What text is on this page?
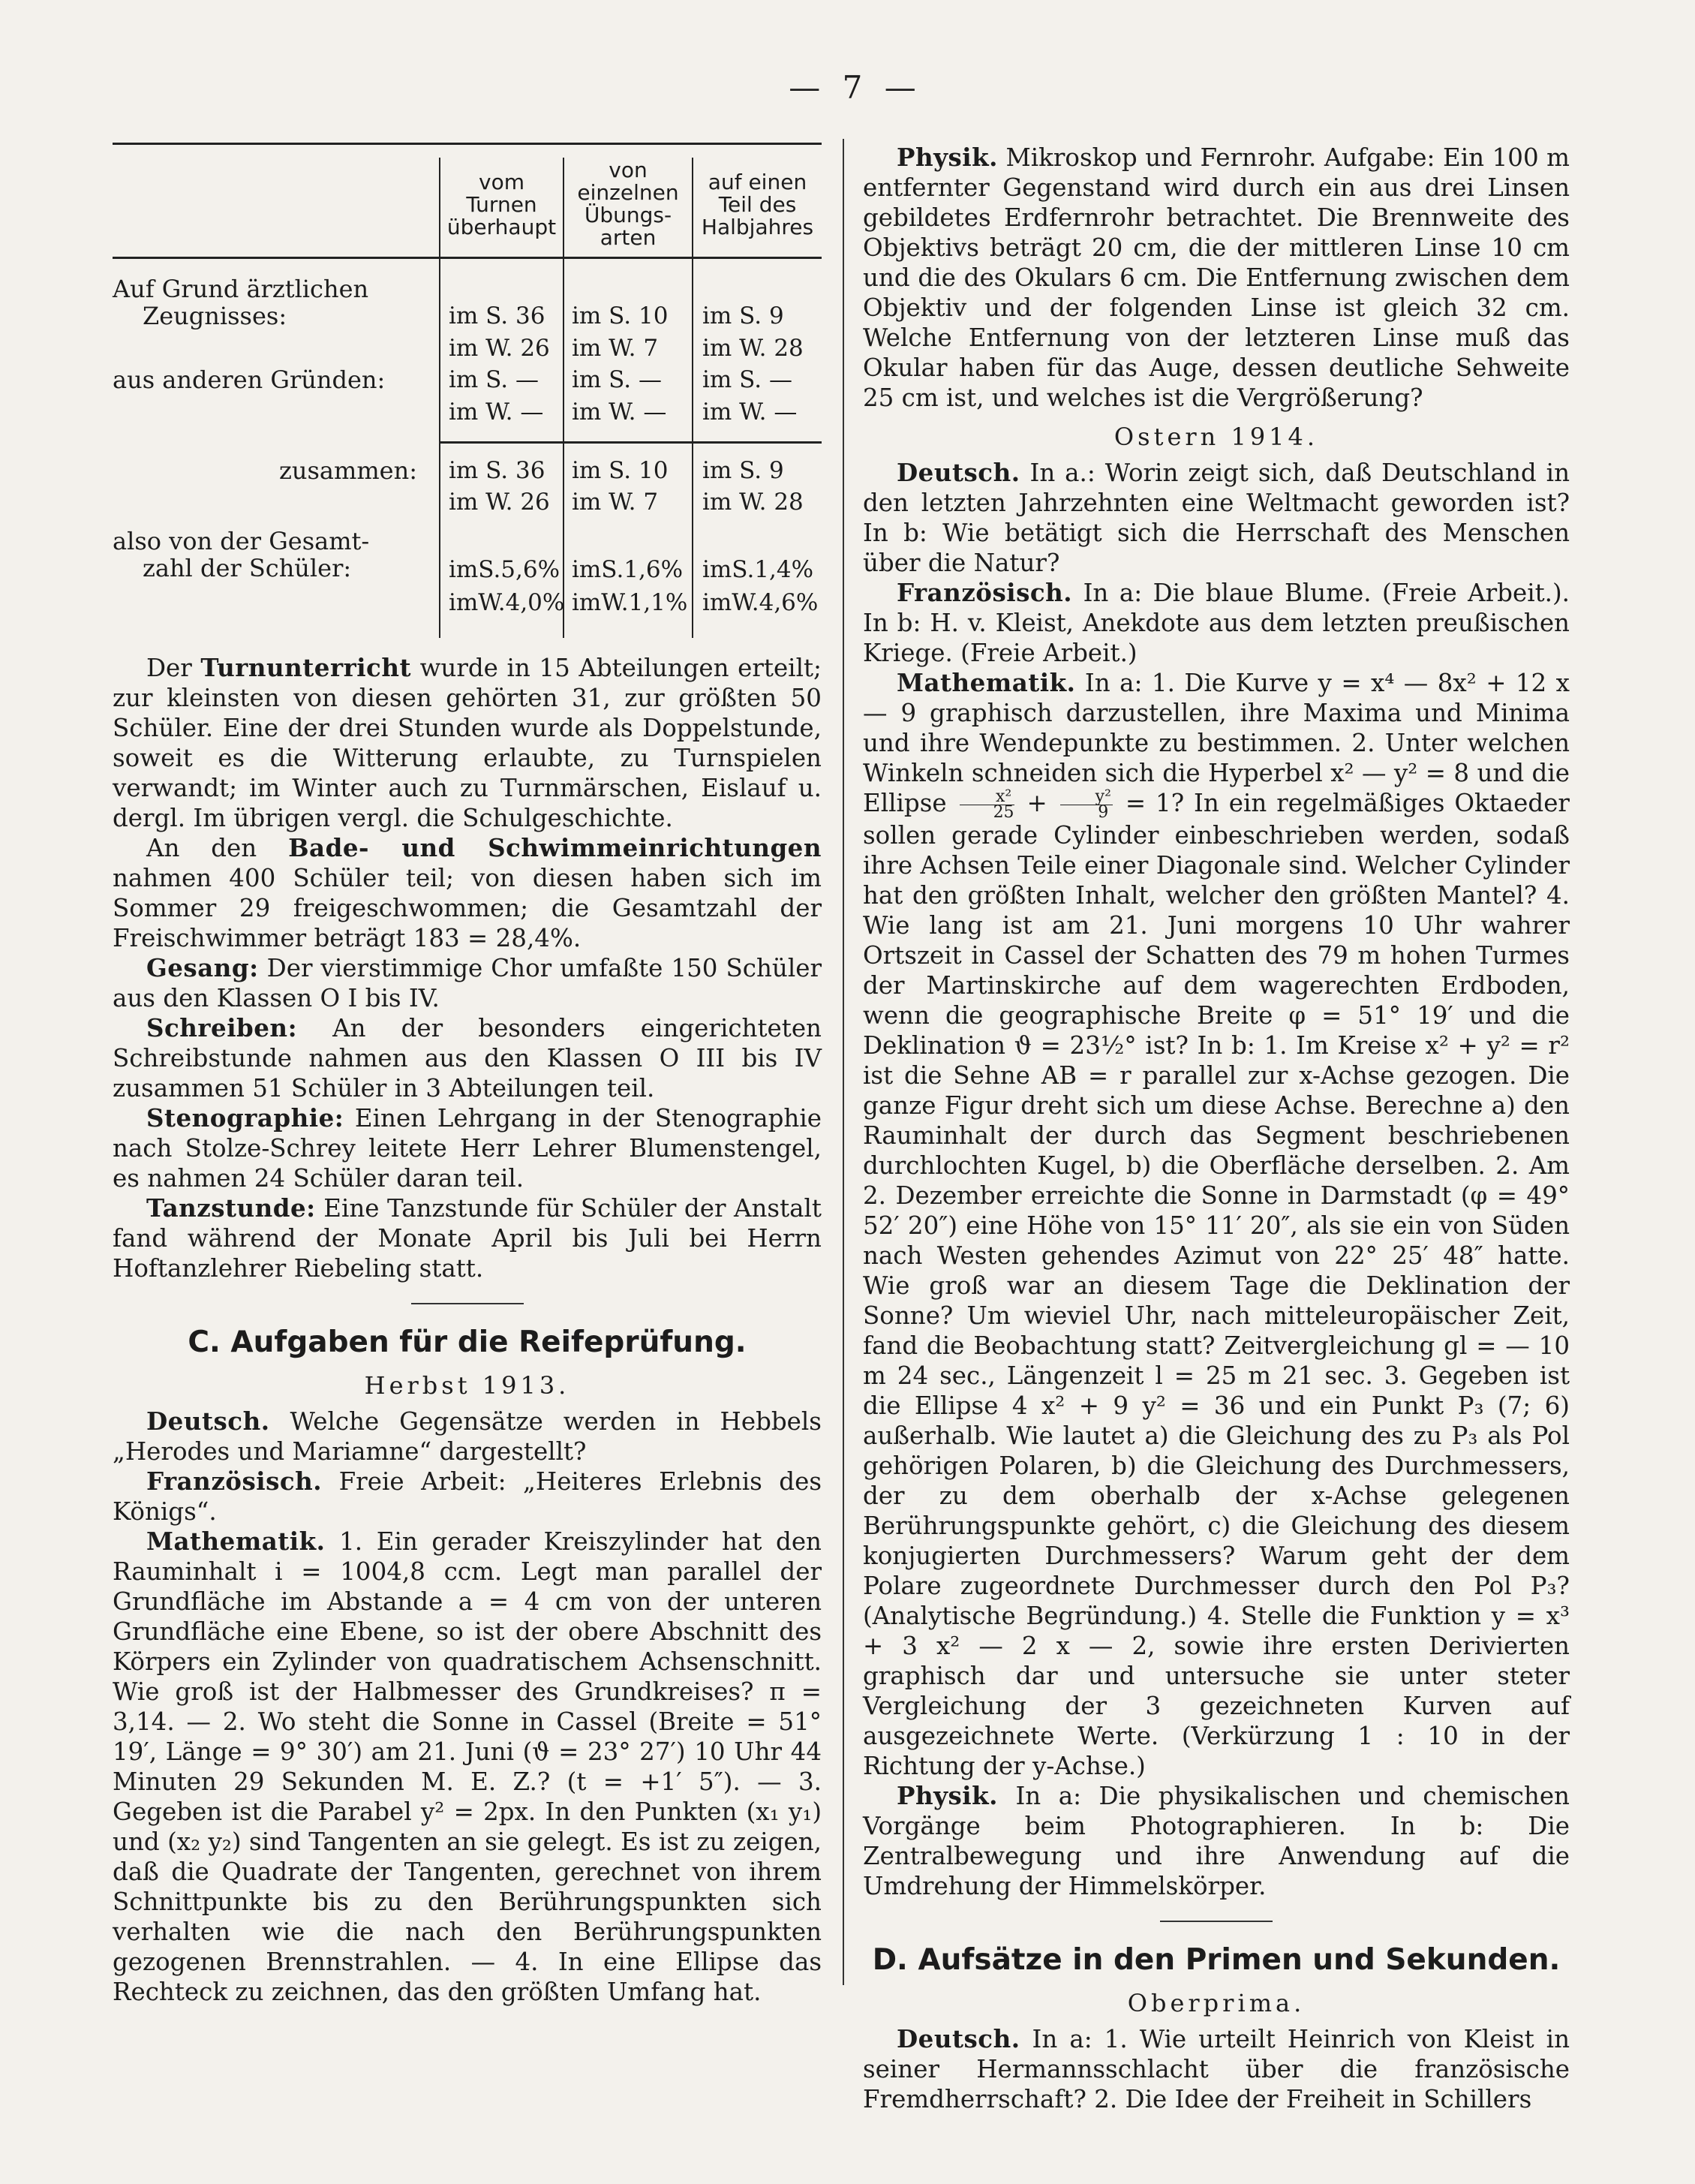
— 7 —
vom Turnen überhaupt
von einzelnen Übungs-arten
auf einen Teil des Halbjahres
Auf Grund ärztlichen
Zeugnisses:
aus anderen Gründen:
zusammen:
also von der Gesamt-
zahl der Schüler:
im S. 36 im S. 10 im S. 9
im W. 26 im W. 7 im W. 28
im S. — im S. — im S. —
im W. — im W. — im W. —
im S. 36 im S. 10 im S. 9
im W. 26 im W. 7 im W. 28
imS.5,6% imS.1,6% imS.1,4%
imW.4,0% imW.1,1% imW.4,6%

Der Turnunterricht wurde in 15 Abteilungen erteilt; zur kleinsten von diesen gehörten 31, zur größten 50 Schüler. Eine der drei Stunden wurde als Doppelstunde, soweit es die Witterung erlaubte, zu Turnspielen verwandt; im Winter auch zu Turnmärschen, Eislauf u. dergl. Im übrigen vergl. die Schulgeschichte.

An den Bade- und Schwimmeinrichtungen nahmen 400 Schüler teil; von diesen haben sich im Sommer 29 freigeschwommen; die Gesamtzahl der Freischwimmer beträgt 183 = 28,4%.

Gesang: Der vierstimmige Chor umfaßte 150 Schüler aus den Klassen O I bis IV.

Schreiben: An der besonders eingerichteten Schreibstunde nahmen aus den Klassen O III bis IV zusammen 51 Schüler in 3 Abteilungen teil.

Stenographie: Einen Lehrgang in der Stenographie nach Stolze-Schrey leitete Herr Lehrer Blumenstengel, es nahmen 24 Schüler daran teil.

Tanzstunde: Eine Tanzstunde für Schüler der Anstalt fand während der Monate April bis Juli bei Herrn Hoftanzlehrer Riebeling statt.

C. Aufgaben für die Reifeprüfung.
Herbst 1913.

Deutsch. Welche Gegensätze werden in Hebbels „Herodes und Mariamne“ dargestellt?

Französisch. Freie Arbeit: „Heiteres Erlebnis des Königs“.

Mathematik. 1. Ein gerader Kreiszylinder hat den Rauminhalt i = 1004,8 ccm. Legt man parallel der Grundfläche im Abstande a = 4 cm von der unteren Grundfläche eine Ebene, so ist der obere Abschnitt des Körpers ein Zylinder von quadratischem Achsenschnitt. Wie groß ist der Halbmesser des Grundkreises? π = 3,14. — 2. Wo steht die Sonne in Cassel (Breite = 51° 19′, Länge = 9° 30′) am 21. Juni (ϑ = 23° 27′) 10 Uhr 44 Minuten 29 Sekunden M. E. Z.? (t = +1′ 5″). — 3. Gegeben ist die Parabel y² = 2px. In den Punkten (x₁ y₁) und (x₂ y₂) sind Tangenten an sie gelegt. Es ist zu zeigen, daß die Quadrate der Tangenten, gerechnet von ihrem Schnittpunkte bis zu den Berührungspunkten sich verhalten wie die nach den Berührungspunkten gezogenen Brennstrahlen. — 4. In eine Ellipse das Rechteck zu zeichnen, das den größten Umfang hat.

Physik. Mikroskop und Fernrohr. Aufgabe: Ein 100 m entfernter Gegenstand wird durch ein aus drei Linsen gebildetes Erdfernrohr betrachtet. Die Brennweite des Objektivs beträgt 20 cm, die der mittleren Linse 10 cm und die des Okulars 6 cm. Die Entfernung zwischen dem Objektiv und der folgenden Linse ist gleich 32 cm. Welche Entfernung von der letzteren Linse muß das Okular haben für das Auge, dessen deutliche Sehweite 25 cm ist, und welches ist die Vergrößerung?

Ostern 1914.

Deutsch. In a.: Worin zeigt sich, daß Deutschland in den letzten Jahrzehnten eine Weltmacht geworden ist? In b: Wie betätigt sich die Herrschaft des Menschen über die Natur?

Französisch. In a: Die blaue Blume. (Freie Arbeit.). In b: H. v. Kleist, Anekdote aus dem letzten preußischen Kriege. (Freie Arbeit.)

Mathematik. In a: 1. Die Kurve y = x⁴ — 8x² + 12 x — 9 graphisch darzustellen, ihre Maxima und Minima und ihre Wendepunkte zu bestimmen. 2. Unter welchen Winkeln schneiden sich die Hyperbel x² — y² = 8 und die Ellipse $\frac{\text{x²}}{25} + \frac{\text{y²}}{9} = 1$? In ein regelmäßiges Oktaeder sollen gerade Cylinder einbeschrieben werden, sodaß ihre Achsen Teile einer Diagonale sind. Welcher Cylinder hat den größten Inhalt, welcher den größten Mantel? 4. Wie lang ist am 21. Juni morgens 10 Uhr wahrer Ortszeit in Cassel der Schatten des 79 m hohen Turmes der Martinskirche auf dem wagerechten Erdboden, wenn die geographische Breite φ = 51° 19′ und die Deklination ϑ = 23½° ist? In b: 1. Im Kreise x² + y² = r² ist die Sehne AB = r parallel zur x-Achse gezogen. Die ganze Figur dreht sich um diese Achse. Berechne a) den Rauminhalt der durch das Segment beschriebenen durchlochten Kugel, b) die Oberfläche derselben. 2. Am 2. Dezember erreichte die Sonne in Darmstadt (φ = 49° 52′ 20″) eine Höhe von 15° 11′ 20″, als sie ein von Süden nach Westen gehendes Azimut von 22° 25′ 48″ hatte. Wie groß war an diesem Tage die Deklination der Sonne? Um wieviel Uhr, nach mitteleuropäischer Zeit, fand die Beobachtung statt? Zeitvergleichung gl = — 10 m 24 sec., Längenzeit l = 25 m 21 sec. 3. Gegeben ist die Ellipse 4 x² + 9 y² = 36 und ein Punkt P₃ (7; 6) außerhalb. Wie lautet a) die Gleichung des zu P₃ als Pol gehörigen Polaren, b) die Gleichung des Durchmessers, der zu dem oberhalb der x-Achse gelegenen Berührungspunkte gehört, c) die Gleichung des diesem konjugierten Durchmessers? Warum geht der dem Polare zugeordnete Durchmesser durch den Pol P₃? (Analytische Begründung.) 4. Stelle die Funktion y = x³ + 3 x² — 2 x — 2, sowie ihre ersten Derivierten graphisch dar und untersuche sie unter steter Vergleichung der 3 gezeichneten Kurven auf ausgezeichnete Werte. (Verkürzung 1 : 10 in der Richtung der y-Achse.)

Physik. In a: Die physikalischen und chemischen Vorgänge beim Photographieren. In b: Die Zentralbewegung und ihre Anwendung auf die Umdrehung der Himmelskörper.

D. Aufsätze in den Primen und Sekunden.
Oberprima.

Deutsch. In a: 1. Wie urteilt Heinrich von Kleist in seiner Hermannsschlacht über die französische Fremdherrschaft? 2. Die Idee der Freiheit in Schillers
